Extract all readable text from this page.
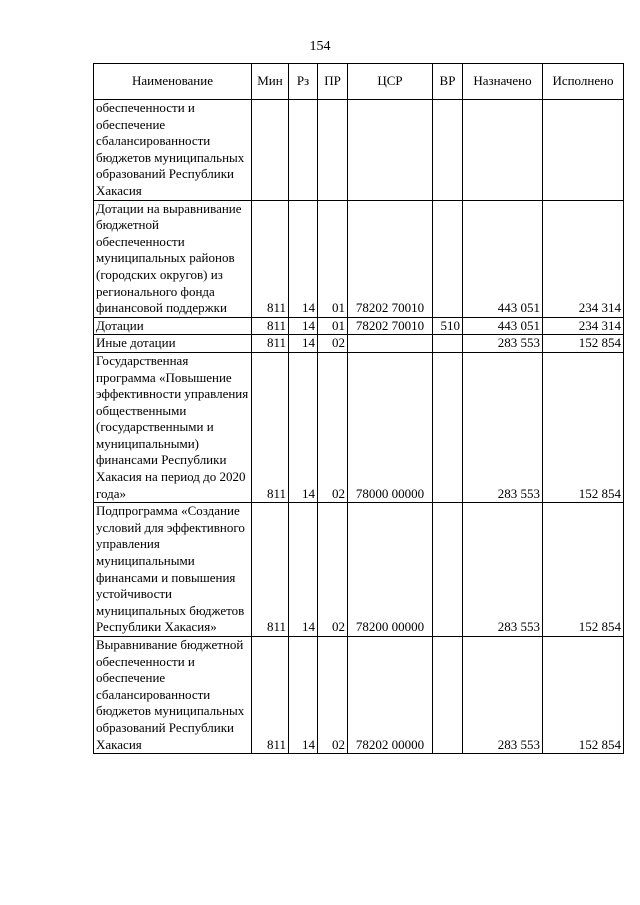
154
Наименование	Мин	Рз	ПР	ЦСР	ВР	Назначено	Исполнено
обеспеченности и обеспечение сбалансированности бюджетов муниципальных образований Республики Хакасия							
Дотации на выравнивание бюджетной обеспеченности муниципальных районов (городских округов) из регионального фонда финансовой поддержки	811	14	01	78202 70010		443 051	234 314
Дотации	811	14	01	78202 70010	510	443 051	234 314
Иные дотации	811	14	02			283 553	152 854
Государственная программа «Повышение эффективности управления общественными (государственными и муниципальными) финансами Республики Хакасия на период до 2020 года»	811	14	02	78000 00000		283 553	152 854
Подпрограмма «Создание условий для эффективного управления муниципальными финансами и повышения устойчивости муниципальных бюджетов Республики Хакасия»	811	14	02	78200 00000		283 553	152 854
Выравнивание бюджетной обеспеченности и обеспечение сбалансированности бюджетов муниципальных образований Республики Хакасия	811	14	02	78202 00000		283 553	152 854
